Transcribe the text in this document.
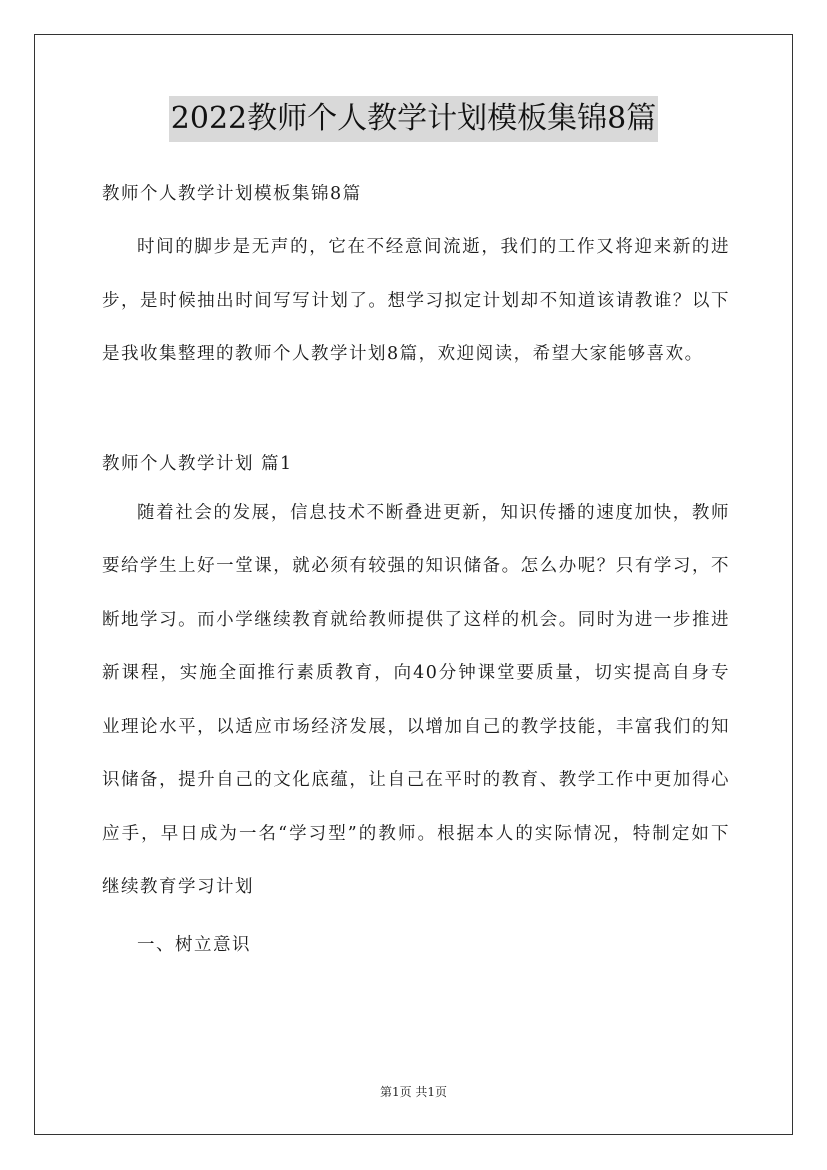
2022教师个人教学计划模板集锦8篇
教师个人教学计划模板集锦8篇

时间的脚步是无声的，它在不经意间流逝，我们的工作又将迎来新的进步，是时候抽出时间写写计划了。想学习拟定计划却不知道该请教谁？以下是我收集整理的教师个人教学计划8篇，欢迎阅读，希望大家能够喜欢。

教师个人教学计划 篇1

随着社会的发展，信息技术不断叠进更新，知识传播的速度加快，教师要给学生上好一堂课，就必须有较强的知识储备。怎么办呢？只有学习，不断地学习。而小学继续教育就给教师提供了这样的机会。同时为进一步推进新课程，实施全面推行素质教育，向40分钟课堂要质量，切实提高自身专业理论水平，以适应市场经济发展，以增加自己的教学技能，丰富我们的知识储备，提升自己的文化底蕴，让自己在平时的教育、教学工作中更加得心应手，早日成为一名“学习型”的教师。根据本人的实际情况，特制定如下继续教育学习计划

一、树立意识

第1页 共1页
